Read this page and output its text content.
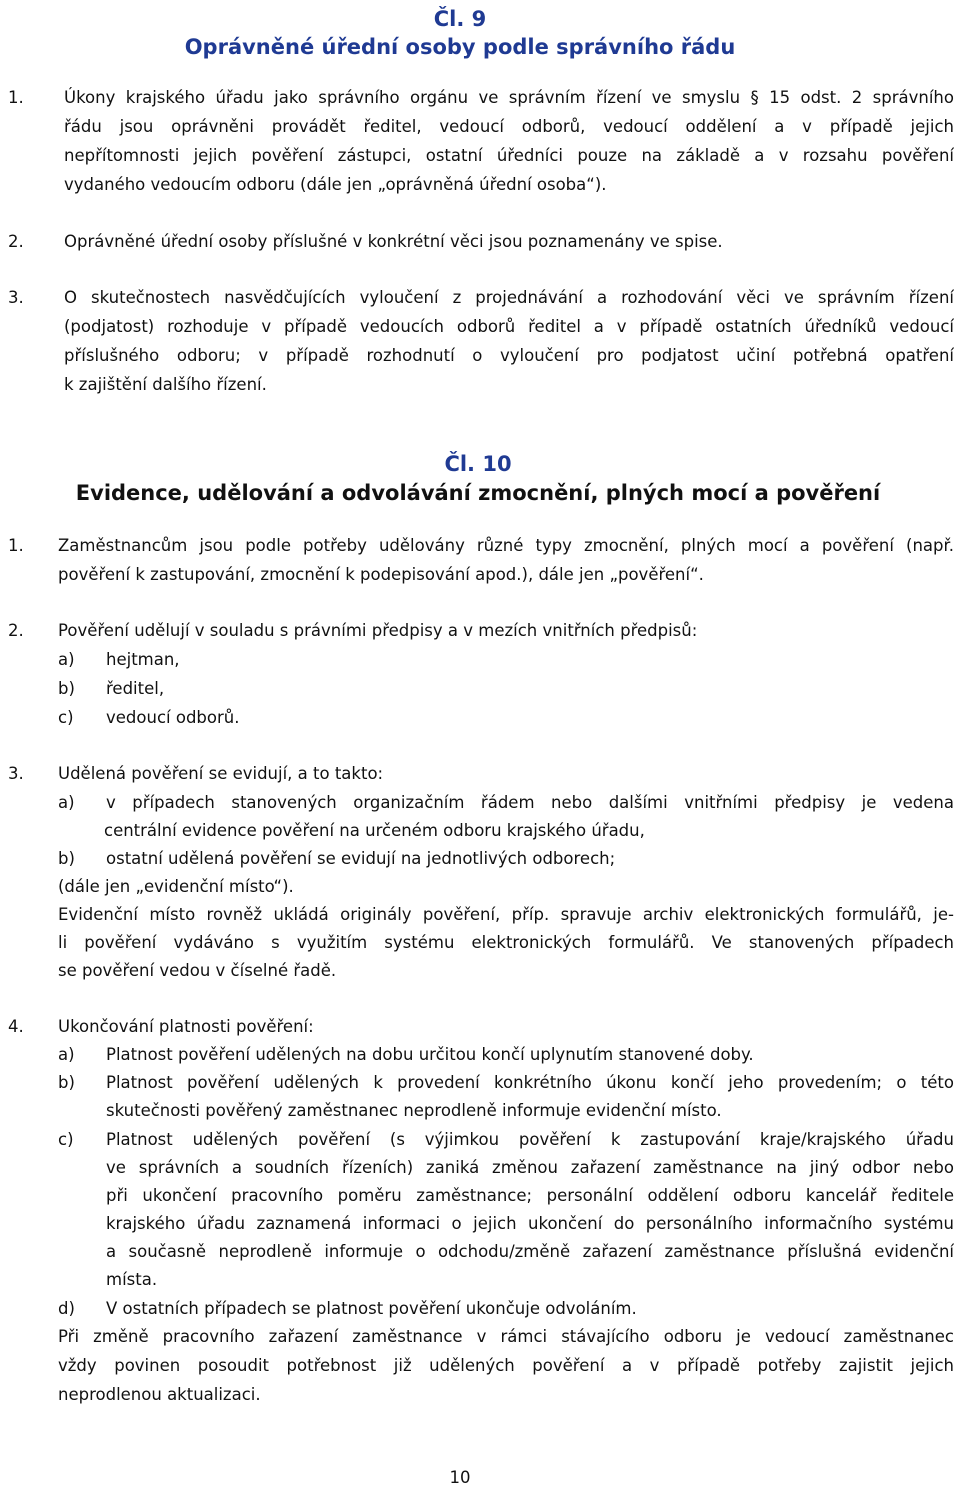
Čl. 9
Oprávněné úřední osoby podle správního řádu
1. Úkony krajského úřadu jako správního orgánu ve správním řízení ve smyslu § 15 odst. 2 správního
řádu jsou oprávněni provádět ředitel, vedoucí odborů, vedoucí oddělení a v případě jejich
nepřítomnosti jejich pověření zástupci, ostatní úředníci pouze na základě a v rozsahu pověření
vydaného vedoucím odboru (dále jen „oprávněná úřední osoba“).
2. Oprávněné úřední osoby příslušné v konkrétní věci jsou poznamenány ve spise.
3. O skutečnostech nasvědčujících vyloučení z projednávání a rozhodování věci ve správním řízení
(podjatost) rozhoduje v případě vedoucích odborů ředitel a v případě ostatních úředníků vedoucí
příslušného odboru; v případě rozhodnutí o vyloučení pro podjatost učiní potřebná opatření
k zajištění dalšího řízení.
Čl. 10
Evidence, udělování a odvolávání zmocnění, plných mocí a pověření
1. Zaměstnancům jsou podle potřeby udělovány různé typy zmocnění, plných mocí a pověření (např.
pověření k zastupování, zmocnění k podepisování apod.), dále jen „pověření“.
2. Pověření udělují v souladu s právními předpisy a v mezích vnitřních předpisů:
a) hejtman,
b) ředitel,
c) vedoucí odborů.
3. Udělená pověření se evidují, a to takto:
a) v případech stanovených organizačním řádem nebo dalšími vnitřními předpisy je vedena
centrální evidence pověření na určeném odboru krajského úřadu,
b) ostatní udělená pověření se evidují na jednotlivých odborech;
(dále jen „evidenční místo“).
Evidenční místo rovněž ukládá originály pověření, příp. spravuje archiv elektronických formulářů, je-
li pověření vydáváno s využitím systému elektronických formulářů. Ve stanovených případech
se pověření vedou v číselné řadě.
4. Ukončování platnosti pověření:
a) Platnost pověření udělených na dobu určitou končí uplynutím stanovené doby.
b) Platnost pověření udělených k provedení konkrétního úkonu končí jeho provedením; o této
skutečnosti pověřený zaměstnanec neprodleně informuje evidenční místo.
c) Platnost udělených pověření (s výjimkou pověření k zastupování kraje/krajského úřadu
ve správních a soudních řízeních) zaniká změnou zařazení zaměstnance na jiný odbor nebo
při ukončení pracovního poměru zaměstnance; personální oddělení odboru kancelář ředitele
krajského úřadu zaznamená informaci o jejich ukončení do personálního informačního systému
a současně neprodleně informuje o odchodu/změně zařazení zaměstnance příslušná evidenční
místa.
d) V ostatních případech se platnost pověření ukončuje odvoláním.
Při změně pracovního zařazení zaměstnance v rámci stávajícího odboru je vedoucí zaměstnanec
vždy povinen posoudit potřebnost již udělených pověření a v případě potřeby zajistit jejich
neprodlenou aktualizaci.
10
